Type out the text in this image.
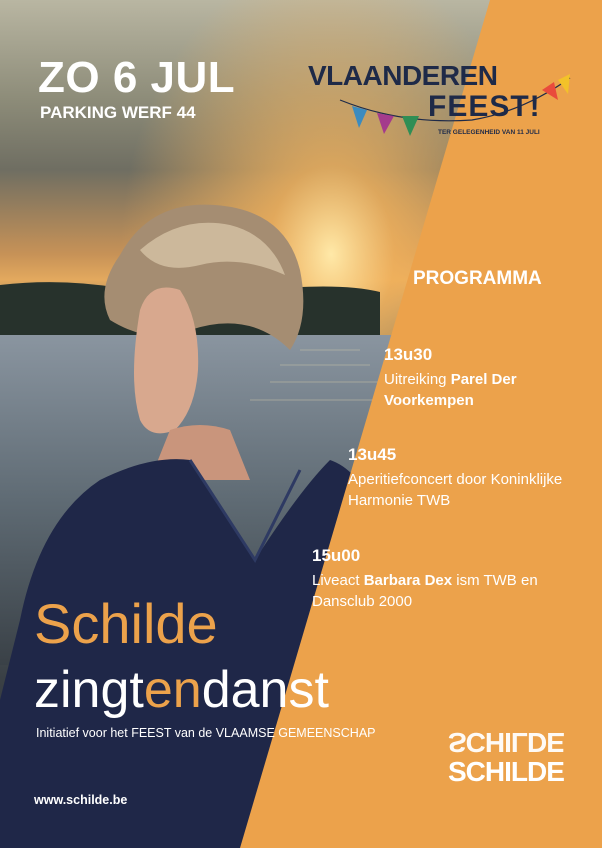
ZO 6 JUL
PARKING WERF 44
VLAANDEREN
FEEST!
TER GELEGENHEID VAN 11 JULI
PROGRAMMA
13u30
Uitreiking Parel Der Voorkempen
13u45
Aperitiefconcert door Koninklijke Harmonie TWB
15u00
Liveact Barbara Dex ism TWB en Dansclub 2000
Schilde
zingtendanst
Initiatief voor het FEEST van de VLAAMSE GEMEENSCHAP
www.schilde.be
SCHILDE
SCHILDE
